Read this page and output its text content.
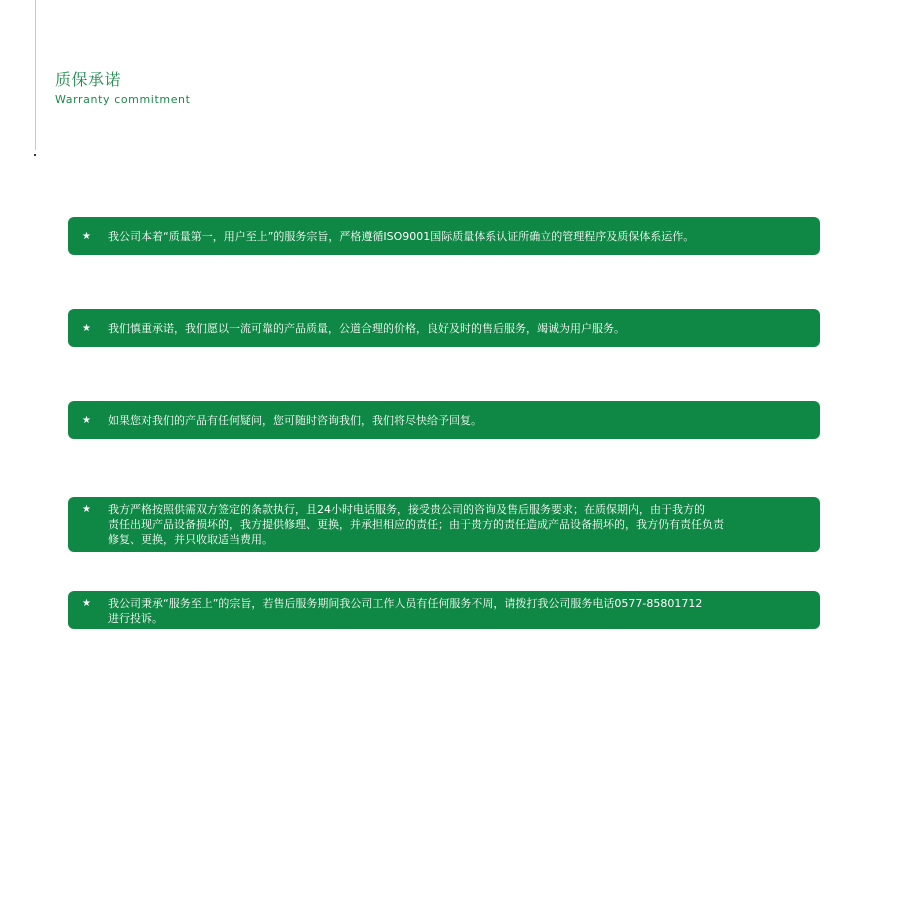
质保承诺
Warranty commitment
★	我公司本着“质量第一，用户至上”的服务宗旨，严格遵循ISO9001国际质量体系认证所确立的管理程序及质保体系运作。
★	我们慎重承诺，我们愿以一流可靠的产品质量，公道合理的价格，良好及时的售后服务，竭诚为用户服务。
★	如果您对我们的产品有任何疑问，您可随时咨询我们，我们将尽快给予回复。
★	我方严格按照供需双方签定的条款执行，且24小时电话服务，接受贵公司的咨询及售后服务要求；在质保期内，由于我方的
责任出现产品设备损坏的，我方提供修理、更换，并承担相应的责任；由于贵方的责任造成产品设备损坏的，我方仍有责任负责
修复、更换，并只收取适当费用。
★	我公司秉承“服务至上”的宗旨，若售后服务期间我公司工作人员有任何服务不周，请拨打我公司服务电话0577-85801712
进行投诉。
